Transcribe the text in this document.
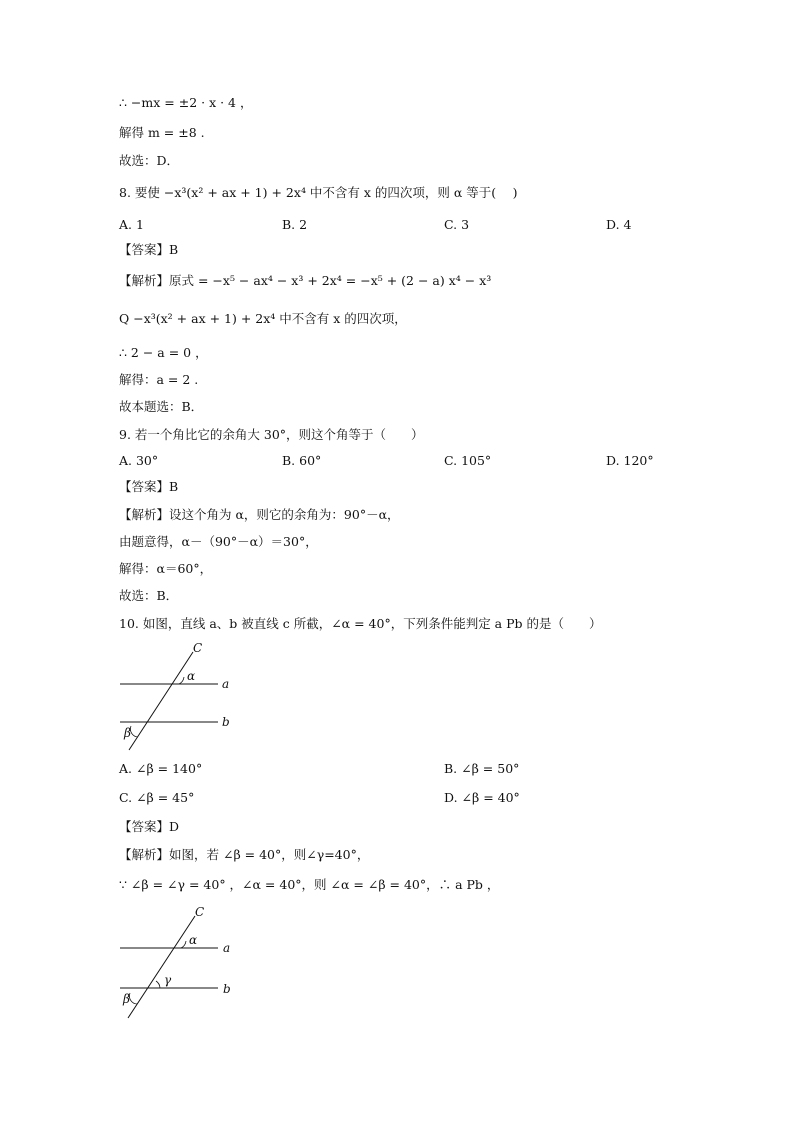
∴ −mx = ±2 · x · 4 ，
解得 m = ±8 .
故选：D．
8. 要使 −x³(x² + ax + 1) + 2x⁴ 中不含有 x 的四次项，则 α 等于(　 )
A. 1	B. 2	C. 3	D. 4
【答案】B
【解析】原式 = −x⁵ − ax⁴ − x³ + 2x⁴ = −x⁵ + (2 − a) x⁴ − x³
Q −x³(x² + ax + 1) + 2x⁴ 中不含有 x 的四次项，
∴ 2 − a = 0 ，
解得：a = 2 .
故本题选：B．
9. 若一个角比它的余角大 30°，则这个角等于（　　）
A. 30°	B. 60°	C. 105°	D. 120°
【答案】B
【解析】设这个角为 α，则它的余角为：90°－α，
由题意得，α－（90°－α）＝30°，
解得：α＝60°，
故选：B．
10. 如图，直线 a、b 被直线 c 所截，∠α = 40°，下列条件能判定 a Pb 的是（　　）
C
α
a
b
β
A. ∠β = 140°	B. ∠β = 50°
C. ∠β = 45°	D. ∠β = 40°
【答案】D
【解析】如图，若 ∠β = 40°，则∠γ=40°，
∵ ∠β = ∠γ = 40° ，∠α = 40°，则 ∠α = ∠β = 40°，∴ a Pb ，
C
α
γ
a
b
β
